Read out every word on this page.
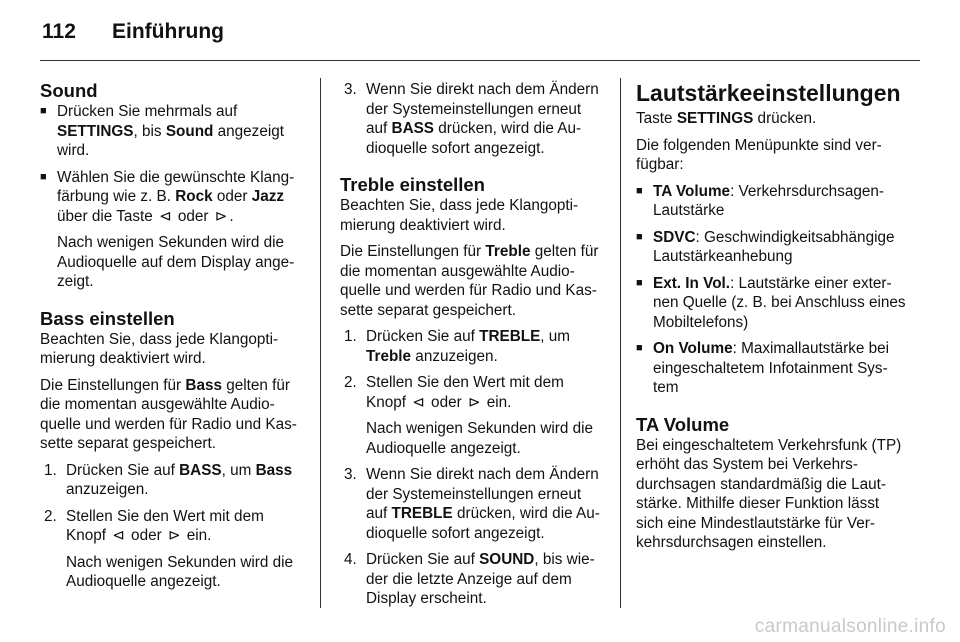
112 Einführung
Sound
■ Drücken Sie mehrmals auf SETTINGS, bis Sound angezeigt wird.
■ Wählen Sie die gewünschte Klangfärbung wie z. B. Rock oder Jazz über die Taste ⊲ oder ⊳ .

Nach wenigen Sekunden wird die Audioquelle auf dem Display angezeigt.

Bass einstellen

Beachten Sie, dass jede Klangoptimierung deaktiviert wird.

Die Einstellungen für Bass gelten für die momentan ausgewählte Audioquelle und werden für Radio und Kassette separat gespeichert.

1. Drücken Sie auf BASS, um Bass anzuzeigen.
2. Stellen Sie den Wert mit dem Knopf ⊲ oder ⊳ ein.

Nach wenigen Sekunden wird die Audioquelle angezeigt.

3. Wenn Sie direkt nach dem Ändern der Systemeinstellungen erneut auf BASS drücken, wird die Audioquelle sofort angezeigt.
Treble einstellen

Beachten Sie, dass jede Klangoptimierung deaktiviert wird.

Die Einstellungen für Treble gelten für die momentan ausgewählte Audioquelle und werden für Radio und Kassette separat gespeichert.

1. Drücken Sie auf TREBLE, um Treble anzuzeigen.
2. Stellen Sie den Wert mit dem Knopf ⊲ oder ⊳ ein.

Nach wenigen Sekunden wird die Audioquelle angezeigt.

3. Wenn Sie direkt nach dem Ändern der Systemeinstellungen erneut auf TREBLE drücken, wird die Audioquelle sofort angezeigt.
4. Drücken Sie auf SOUND, bis wieder die letzte Anzeige auf dem Display erscheint.
Lautstärkeeinstellungen

Taste SETTINGS drücken.

Die folgenden Menüpunkte sind verfügbar:

■ TA Volume: Verkehrsdurchsagen-Lautstärke
■ SDVC: Geschwindigkeitsabhängige Lautstärkeanhebung
■ Ext. In Vol.: Lautstärke einer externen Quelle (z. B. bei Anschluss eines Mobiltelefons)
■ On Volume: Maximallautstärke bei eingeschaltetem Infotainment System
TA Volume

Bei eingeschaltetem Verkehrsfunk (TP) erhöht das System bei Verkehrsdurchsagen standardmäßig die Lautstärke. Mithilfe dieser Funktion lässt sich eine Mindestlautstärke für Verkehrsdurchsagen einstellen.

carmanualsonline.info
